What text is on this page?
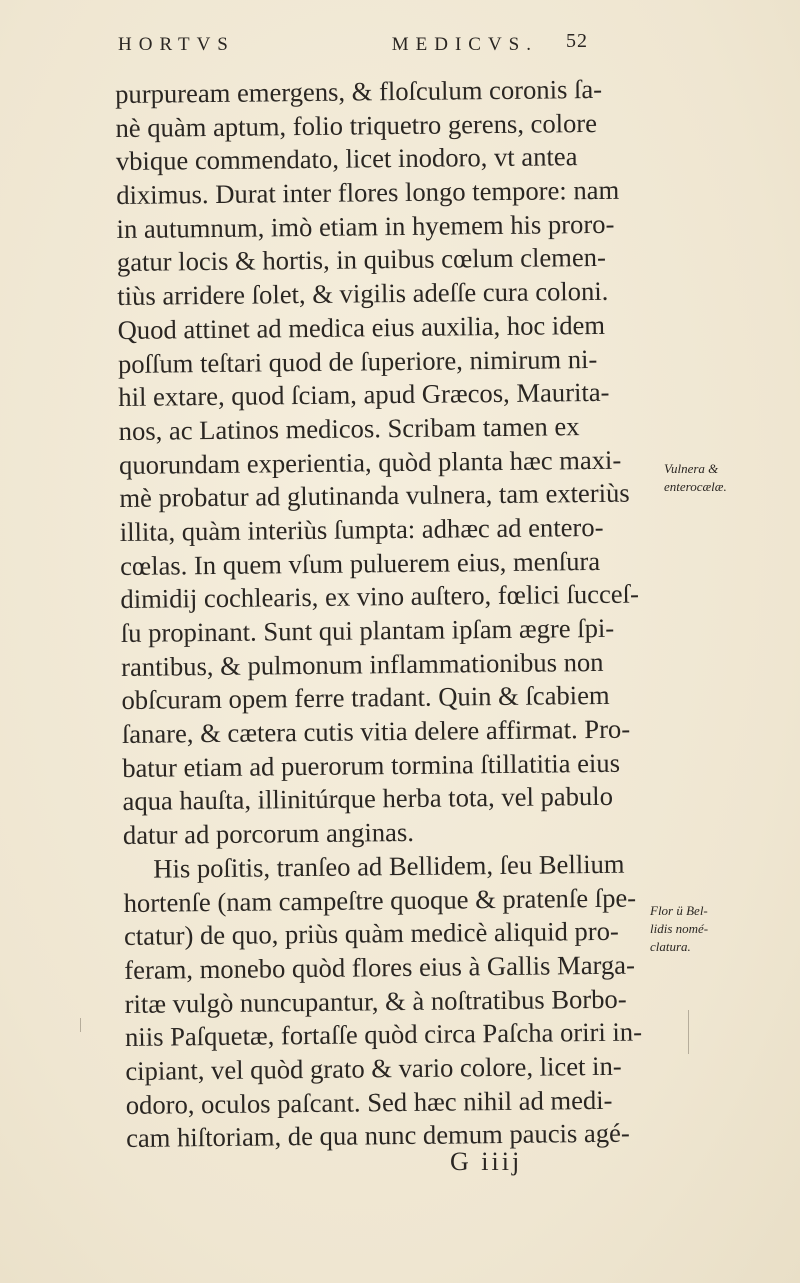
HORTVS	MEDICVS. 52
purpuream emergens, & floſculum coronis ſa-
nè quàm aptum, folio triquetro gerens, colore
vbique commendato, licet inodoro, vt antea
diximus. Durat inter flores longo tempore: nam
in autumnum, imò etiam in hyemem his proro-
gatur locis & hortis, in quibus cœlum clemen-
tiùs arridere ſolet, & vigilis adeſſe cura coloni.
Quod attinet ad medica eius auxilia, hoc idem
poſſum teſtari quod de ſuperiore, nimirum ni-
hil extare, quod ſciam, apud Græcos, Maurita-
nos, ac Latinos medicos. Scribam tamen ex
quorundam experientia, quòd planta hæc maxi-
mè probatur ad glutinanda vulnera, tam exteriùs
illita, quàm interiùs ſumpta: adhæc ad entero-
cœlas. In quem vſum puluerem eius, menſura
dimidij cochlearis, ex vino auſtero, fœlici ſucceſ-
ſu propinant. Sunt qui plantam ipſam ægre ſpi-
rantibus, & pulmonum inflammationibus non
obſcuram opem ferre tradant. Quin & ſcabiem
ſanare, & cætera cutis vitia delere affirmat. Pro-
batur etiam ad puerorum tormina ſtillatitia eius
aqua hauſta, illinitúrque herba tota, vel pabulo
datur ad porcorum anginas.
His poſitis, tranſeo ad Bellidem, ſeu Bellium
hortenſe (nam campeſtre quoque & pratenſe ſpe-
ctatur) de quo, priùs quàm medicè aliquid pro-
feram, monebo quòd flores eius à Gallis Marga-
ritæ vulgò nuncupantur, & à noſtratibus Borbo-
niis Paſquetæ, fortaſſe quòd circa Paſcha oriri in-
cipiant, vel quòd grato & vario colore, licet in-
odoro, oculos paſcant. Sed hæc nihil ad medi-
cam hiſtoriam, de qua nunc demum paucis agé-
Vulnera &
enterocælæ.
Flor ü Bel-
lidis nomé-
clatura.
G iiij
